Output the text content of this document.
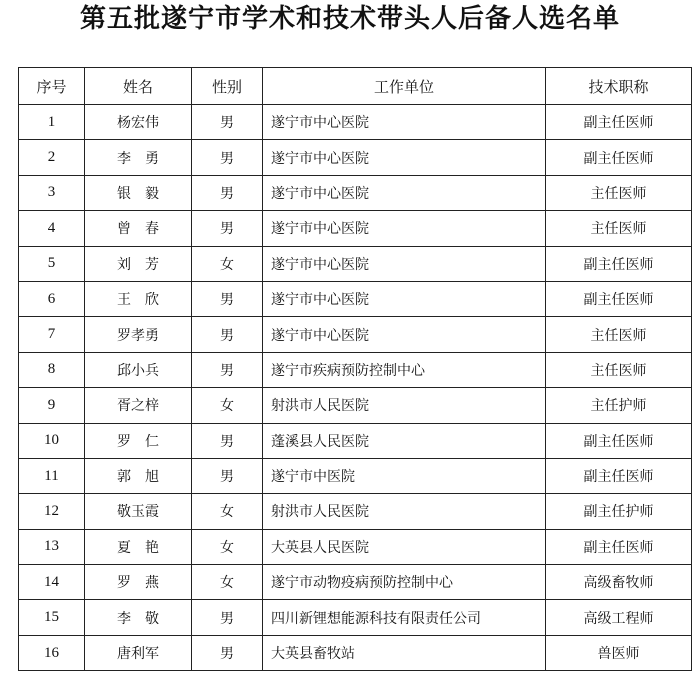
第五批遂宁市学术和技术带头人后备人选名单
序号	姓名	性别	工作单位	技术职称
1	杨宏伟	男	遂宁市中心医院	副主任医师
2	李　勇	男	遂宁市中心医院	副主任医师
3	银　毅	男	遂宁市中心医院	主任医师
4	曾　春	男	遂宁市中心医院	主任医师
5	刘　芳	女	遂宁市中心医院	副主任医师
6	王　欣	男	遂宁市中心医院	副主任医师
7	罗孝勇	男	遂宁市中心医院	主任医师
8	邱小兵	男	遂宁市疾病预防控制中心	主任医师
9	胥之梓	女	射洪市人民医院	主任护师
10	罗　仁	男	蓬溪县人民医院	副主任医师
11	郭　旭	男	遂宁市中医院	副主任医师
12	敬玉霞	女	射洪市人民医院	副主任护师
13	夏　艳	女	大英县人民医院	副主任医师
14	罗　燕	女	遂宁市动物疫病预防控制中心	高级畜牧师
15	李　敬	男	四川新锂想能源科技有限责任公司	高级工程师
16	唐利军	男	大英县畜牧站	兽医师
